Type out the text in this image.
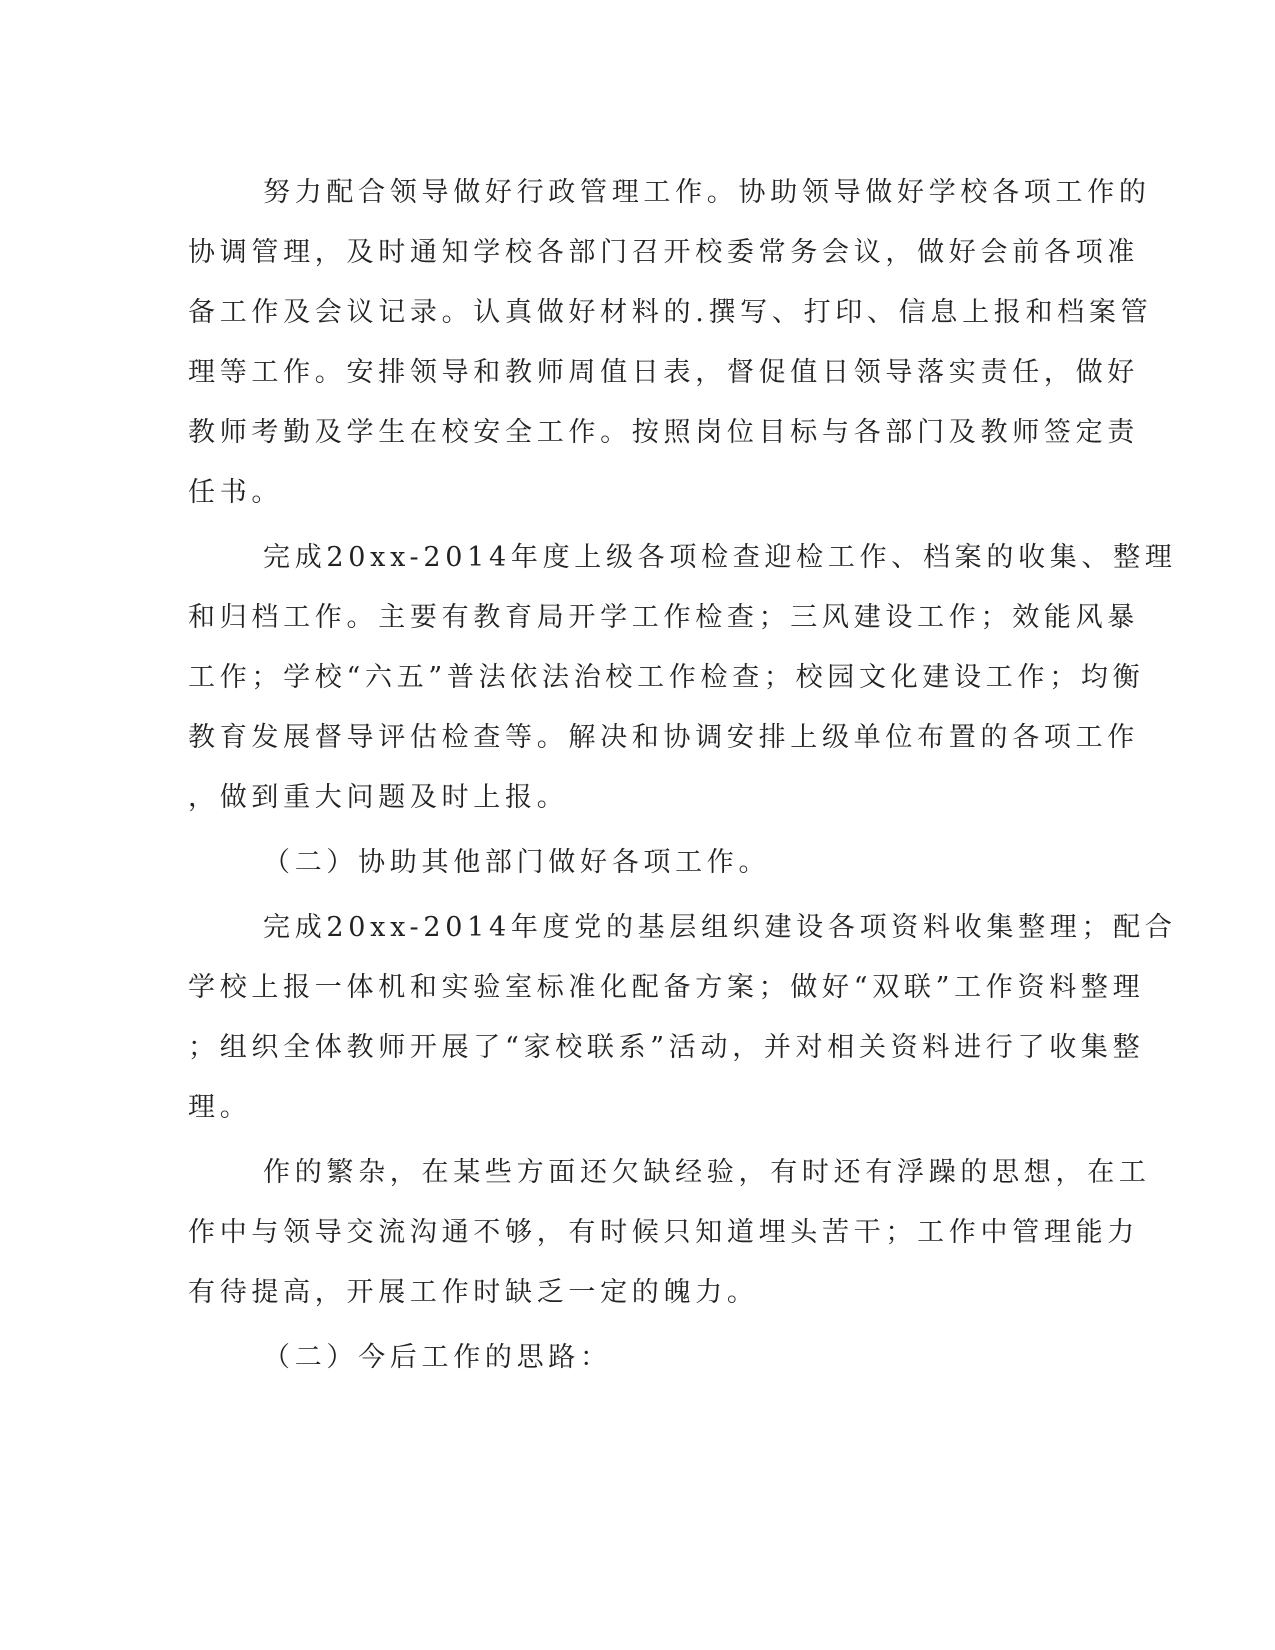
努力配合领导做好行政管理工作。协助领导做好学校各项工作的
协调管理，及时通知学校各部门召开校委常务会议，做好会前各项准
备工作及会议记录。认真做好材料的.撰写、打印、信息上报和档案管
理等工作。安排领导和教师周值日表，督促值日领导落实责任，做好
教师考勤及学生在校安全工作。按照岗位目标与各部门及教师签定责
任书。
完成20xx-2014年度上级各项检查迎检工作、档案的收集、整理
和归档工作。主要有教育局开学工作检查；三风建设工作；效能风暴
工作；学校“六五”普法依法治校工作检查；校园文化建设工作；均衡
教育发展督导评估检查等。解决和协调安排上级单位布置的各项工作
，做到重大问题及时上报。
（二）协助其他部门做好各项工作。
完成20xx-2014年度党的基层组织建设各项资料收集整理；配合
学校上报一体机和实验室标准化配备方案；做好“双联”工作资料整理
；组织全体教师开展了“家校联系”活动，并对相关资料进行了收集整
理。
作的繁杂，在某些方面还欠缺经验，有时还有浮躁的思想，在工
作中与领导交流沟通不够，有时候只知道埋头苦干；工作中管理能力
有待提高，开展工作时缺乏一定的魄力。
（二）今后工作的思路：
